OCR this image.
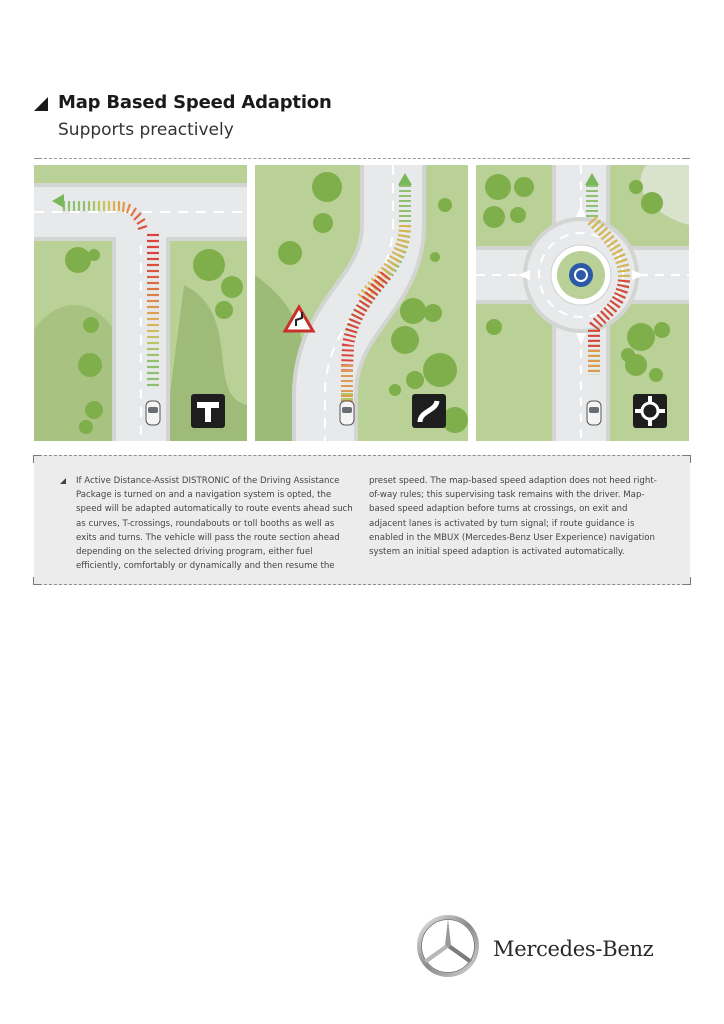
Map Based Speed Adaption
Supports preactively
If Active Distance-Assist DISTRONIC of the Driving Assistance Package is turned on and a navigation system is opted, the speed will be adapted automatically to route events ahead such as curves, T-crossings, roundabouts or toll booths as well as exits and turns. The vehicle will pass the route section ahead depending on the selected driving program, either fuel efficiently, comfortably or dynamically and then resume the
preset speed. The map-based speed adaption does not heed right-of-way rules; this supervising task remains with the driver. Map-based speed adaption before turns at crossings, on exit and adjacent lanes is activated by turn signal; if route guidance is enabled in the MBUX (Mercedes-Benz User Experience) navigation system an initial speed adaption is activated automatically.
Mercedes-Benz
